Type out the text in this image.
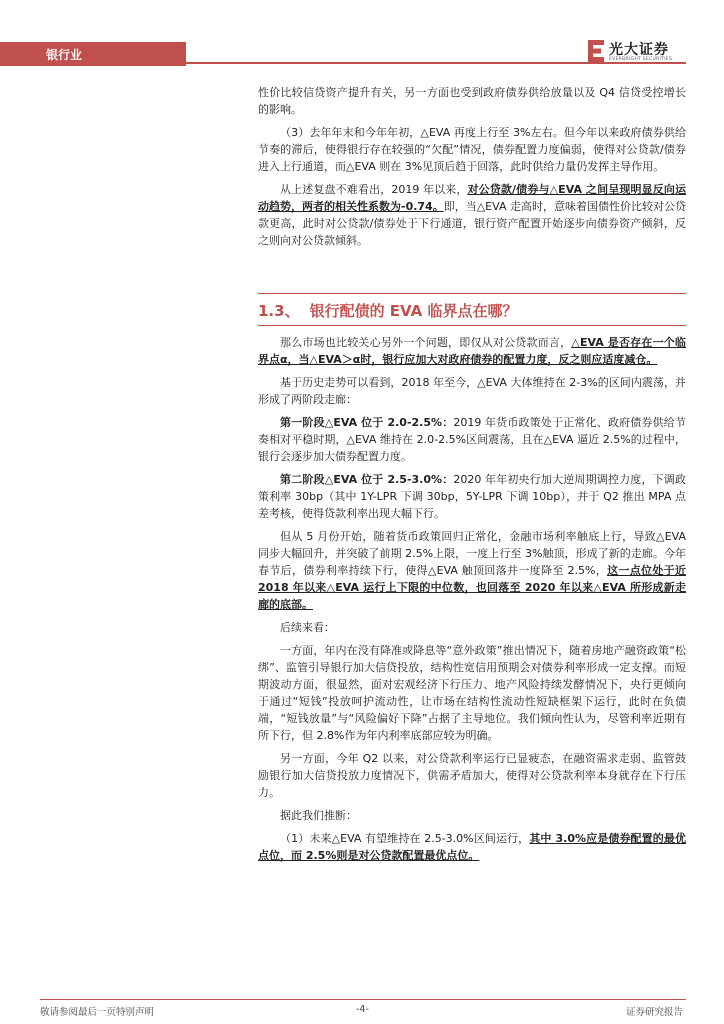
银行业	光大证券
EVERBRIGHT SECURITIES

性价比较信贷资产提升有关，另一方面也受到政府债券供给放量以及 Q4 信贷受控增长的影响。

（3）去年年末和今年年初，△EVA 再度上行至 3%左右。但今年以来政府债券供给节奏的滞后，使得银行存在较强的“欠配”情况，债券配置力度偏弱，使得对公贷款/债券进入上行通道，而△EVA 则在 3%见顶后趋于回落，此时供给力量仍发挥主导作用。

从上述复盘不难看出，2019 年以来，对公贷款/债券与△EVA 之间呈现明显反向运动趋势，两者的相关性系数为-0.74。即，当△EVA 走高时，意味着国债性价比较对公贷款更高，此时对公贷款/债券处于下行通道，银行资产配置开始逐步向债券资产倾斜，反之则向对公贷款倾斜。

1.3、 银行配债的 EVA 临界点在哪？

那么市场也比较关心另外一个问题，即仅从对公贷款而言，△EVA 是否存在一个临界点α，当△EVA＞α时，银行应加大对政府债券的配置力度，反之则应适度减仓。

基于历史走势可以看到，2018 年至今，△EVA 大体维持在 2-3%的区间内震荡，并形成了两阶段走廊：

第一阶段△EVA 位于 2.0-2.5%：2019 年货币政策处于正常化、政府债券供给节奏相对平稳时期，△EVA 维持在 2.0-2.5%区间震荡，且在△EVA 逼近 2.5%的过程中，银行会逐步加大债券配置力度。

第二阶段△EVA 位于 2.5-3.0%：2020 年年初央行加大逆周期调控力度，下调政策利率 30bp（其中 1Y-LPR 下调 30bp，5Y-LPR 下调 10bp），并于 Q2 推出 MPA 点差考核，使得贷款利率出现大幅下行。

但从 5 月份开始，随着货币政策回归正常化，金融市场利率触底上行，导致△EVA 同步大幅回升，并突破了前期 2.5%上限，一度上行至 3%触顶，形成了新的走廊。今年春节后，债券利率持续下行，使得△EVA 触顶回落并一度降至 2.5%，这一点位处于近 2018 年以来△EVA 运行上下限的中位数，也回落至 2020 年以来△EVA 所形成新走廊的底部。

后续来看：

一方面，年内在没有降准或降息等“意外政策”推出情况下，随着房地产融资政策“松绑”、监管引导银行加大信贷投放，结构性宽信用预期会对债券利率形成一定支撑。而短期波动方面，很显然，面对宏观经济下行压力、地产风险持续发酵情况下，央行更倾向于通过“短钱”投放呵护流动性，让市场在结构性流动性短缺框架下运行，此时在负债端，“短钱放量”与“风险偏好下降”占据了主导地位。我们倾向性认为，尽管利率近期有所下行，但 2.8%作为年内利率底部应较为明确。

另一方面，今年 Q2 以来，对公贷款利率运行已显疲态，在融资需求走弱、监管鼓励银行加大信贷投放力度情况下，供需矛盾加大，使得对公贷款利率本身就存在下行压力。

据此我们推断：

（1）未来△EVA 有望维持在 2.5-3.0%区间运行，其中 3.0%应是债券配置的最优点位，而 2.5%则是对公贷款配置最优点位。

敬请参阅最后一页特别声明	-4-	证券研究报告
